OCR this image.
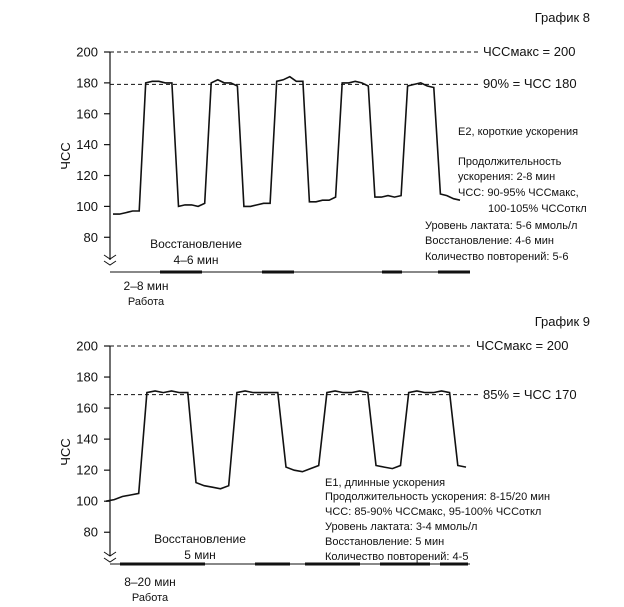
График 8
ЧССмакс = 200
90% = ЧСС 180
80
100
120
140
160
180
200
ЧСС
Е2, короткие ускорения
Продолжительность
ускорения: 2-8 мин
ЧСС: 90-95% ЧССмакс,
100-105% ЧССоткл
Уровень лактата: 5-6 ммоль/л
Восстановление: 4-6 мин
Количество повторений: 5-6
Восстановление
4–6 мин
2–8 мин
Работа
График 9
ЧССмакс = 200
85% = ЧСС 170
80
100
120
140
160
180
200
ЧСС
Е1, длинные ускорения
Продолжительность ускорения: 8-15/20 мин
ЧСС: 85-90% ЧССмакс, 95-100% ЧССоткл
Уровень лактата: 3-4 ммоль/л
Восстановление: 5 мин
Количество повторений: 4-5
Восстановление
5 мин
8–20 мин
Работа
